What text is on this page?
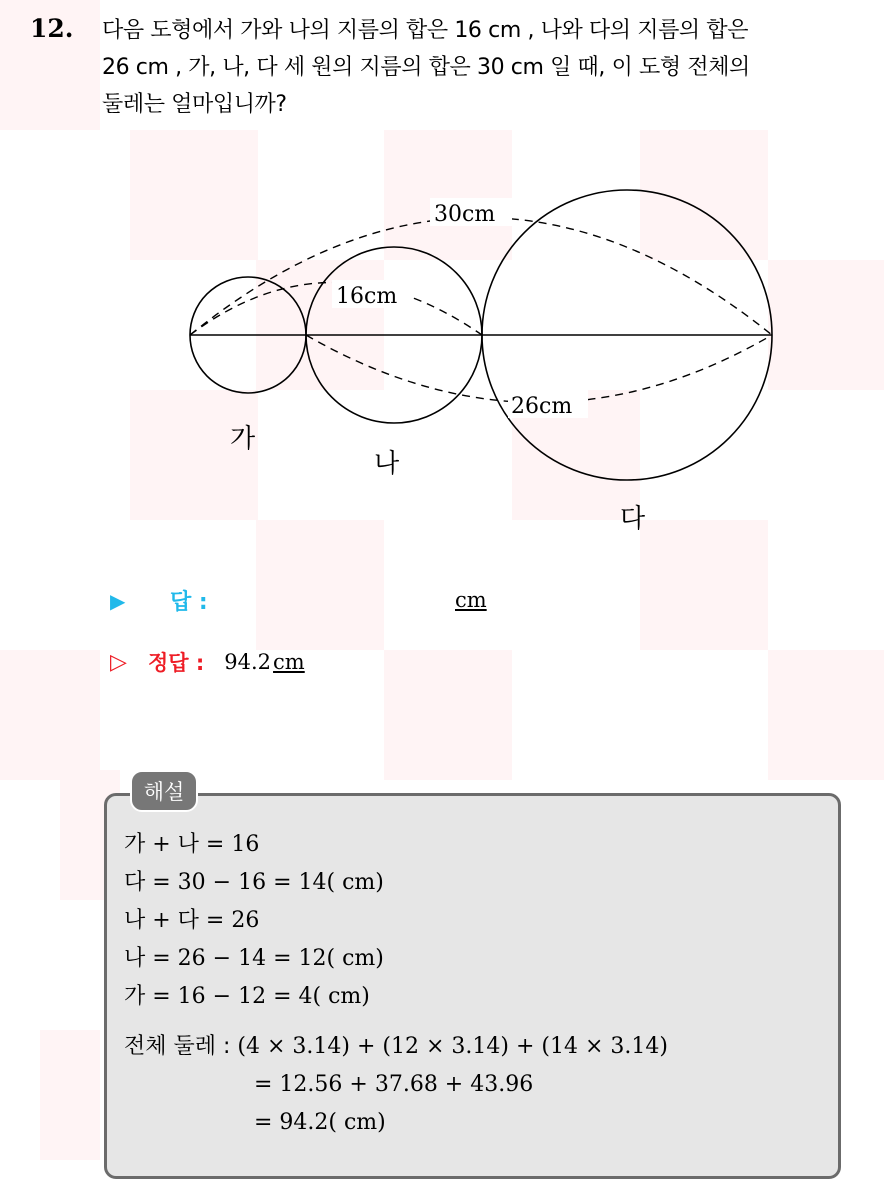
12. 다음 도형에서 가와 나의 지름의 합은 16 cm , 나와 다의 지름의 합은
26 cm , 가, 나, 다 세 원의 지름의 합은 30 cm 일 때, 이 도형 전체의
둘레는 얼마입니까?
30cm
16cm
26cm
가
나
다
▶	답 :	cm
▷	정답 : 94.2 cm
해설
가 + 나 = 16
다 = 30 − 16 = 14( cm)
나 + 다 = 26
나 = 26 − 14 = 12( cm)
가 = 16 − 12 = 4( cm)
전체 둘레 : (4 × 3.14) + (12 × 3.14) + (14 × 3.14)
= 12.56 + 37.68 + 43.96
= 94.2( cm)
